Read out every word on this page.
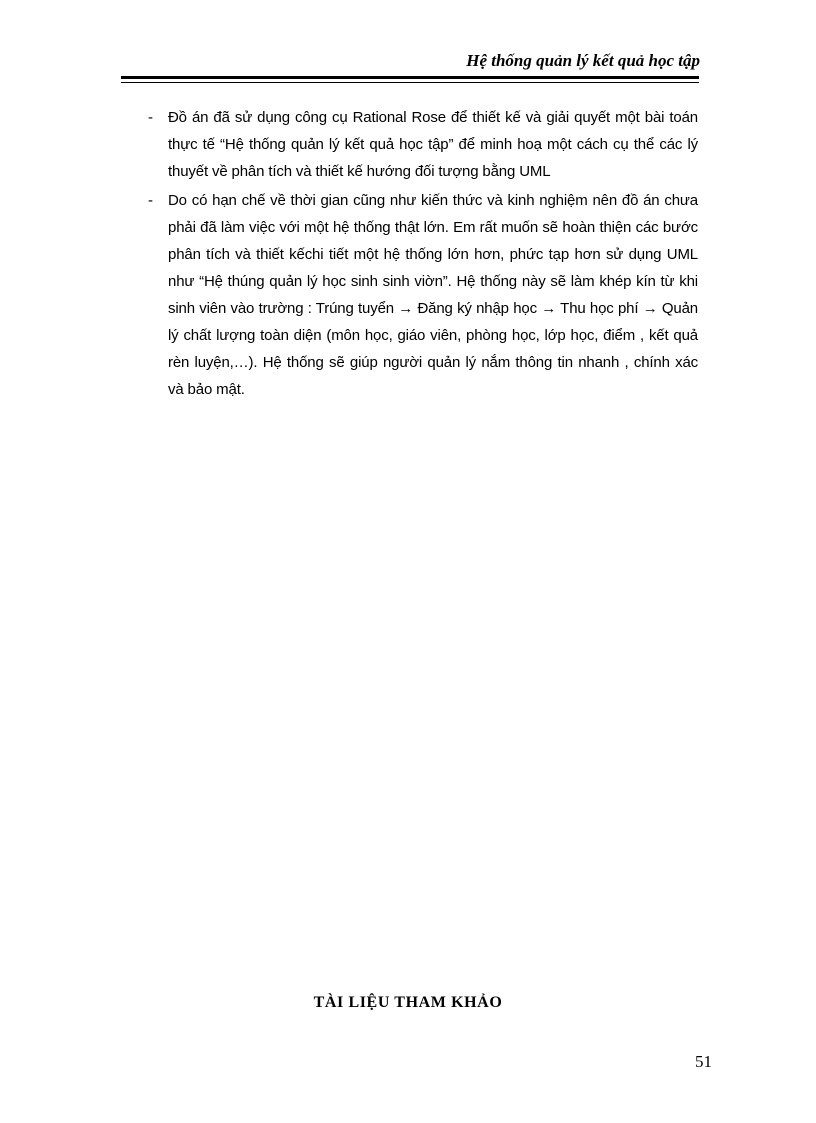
Hệ thống quản lý kết quả học tập
-	Đồ án đã sử dụng công cụ Rational Rose để thiết kế và giải quyết một bài toán thực tế “Hệ thống quản lý kết quả học tập” để minh hoạ một cách cụ thể các lý thuyết về phân tích và thiết kế hướng đối tượng bằng UML
-	Do có hạn chế về thời gian cũng như kiến thức và kinh nghiệm nên đồ án chưa phải đã làm việc với một hệ thống thật lớn. Em rất muốn sẽ hoàn thiện các bước phân tích và thiết kếchi tiết một hệ thống lớn hơn, phức tạp hơn sử dụng UML như “Hệ thúng quản lý học sinh sinh viờn”. Hệ thống này sẽ làm khép kín từ khi sinh viên vào trường : Trúng tuyển → Đăng ký nhập học → Thu học phí → Quản lý chất lượng toàn diện (môn học, giáo viên, phòng học, lớp học, điểm , kết quả rèn luyện,…). Hệ thống sẽ giúp người quản lý nắm thông tin nhanh , chính xác và bảo mật.
TÀI LIỆU THAM KHẢO
51
